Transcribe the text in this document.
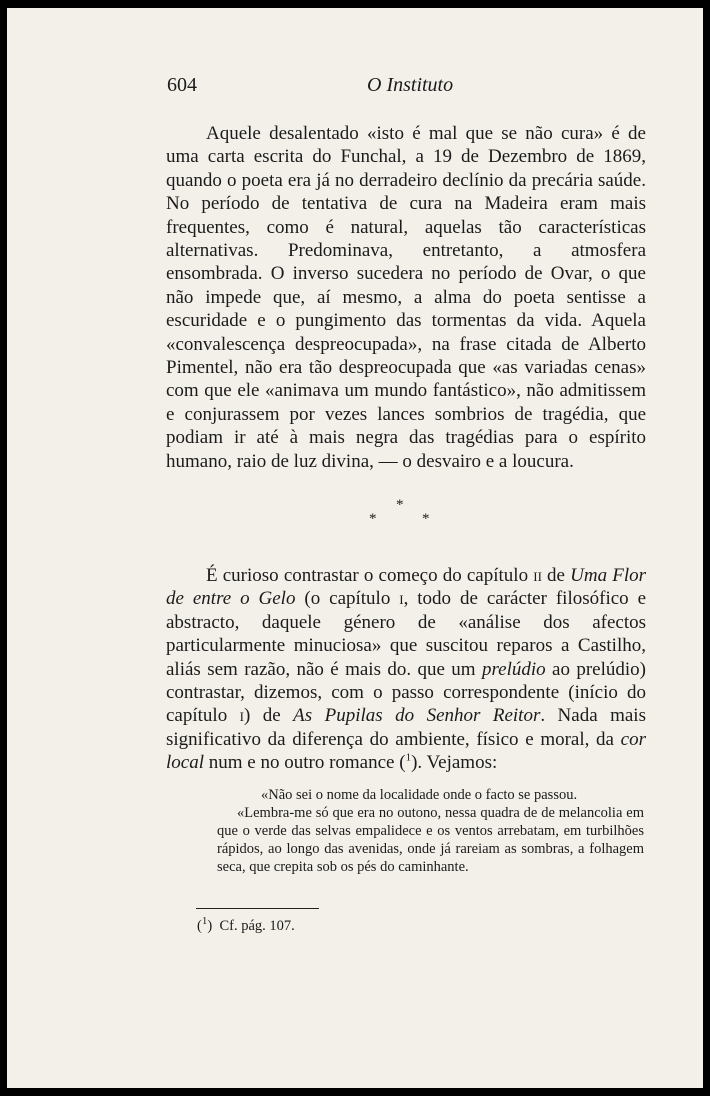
604	O Instituto

Aquele desalentado «isto é mal que se não cura» é de uma carta escrita do Funchal, a 19 de Dezembro de 1869, quando o poeta era já no derradeiro declínio da precária saúde. No período de tentativa de cura na Madeira eram mais frequentes, como é natural, aquelas tão características alternativas. Predominava, entretanto, a atmosfera ensombrada. O inverso sucedera no período de Ovar, o que não impede que, aí mesmo, a alma do poeta sentisse a escuridade e o pungimento das tormentas da vida. Aquela «convalescença despreocupada», na frase citada de Alberto Pimentel, não era tão despreocupada que «as variadas cenas» com que ele «animava um mundo fantástico», não admitissem e conjurassem por vezes lances sombrios de tragédia, que podiam ir até à mais negra das tragédias para o espírito humano, raio de luz divina, — o desvairo e a loucura.

*
*	*

É curioso contrastar o começo do capítulo ii de Uma Flor de entre o Gelo (o capítulo i, todo de carácter filosófico e abstracto, daquele género de «análise dos afectos particularmente minuciosa» que suscitou reparos a Castilho, aliás sem razão, não é mais do. que um prelúdio ao prelúdio) contrastar, dizemos, com o passo correspondente (início do capítulo i) de As Pupilas do Senhor Reitor. Nada mais significativo da diferença do ambiente, físico e moral, da cor local num e no outro romance ($^1$). Vejamos:

«Não sei o nome da localidade onde o facto se passou.

«Lembra-me só que era no outono, nessa quadra de de melancolia em que o verde das selvas empalidece e os ventos arrebatam, em turbilhões rápidos, ao longo das avenidas, onde já rareiam as sombras, a folhagem seca, que crepita sob os pés do caminhante.

($^1$) Cf. pág. 107.
